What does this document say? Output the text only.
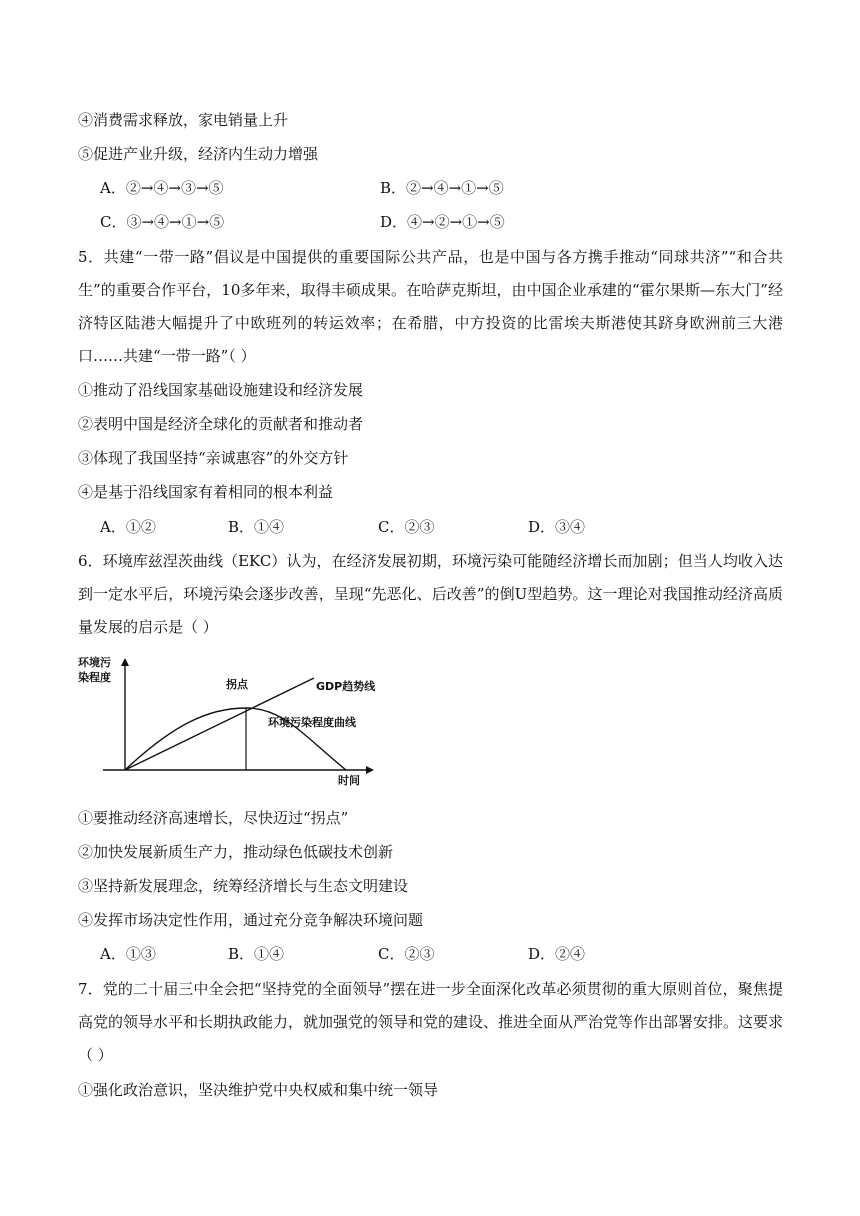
④消费需求释放，家电销量上升
⑤促进产业升级，经济内生动力增强
A．②→④→③→⑤	B．②→④→①→⑤
C．③→④→①→⑤	D．④→②→①→⑤
5．共建“一带一路”倡议是中国提供的重要国际公共产品，也是中国与各方携手推动“同球共济”“和合共生”的重要合作平台，10多年来，取得丰硕成果。在哈萨克斯坦，由中国企业承建的“霍尔果斯—东大门”经济特区陆港大幅提升了中欧班列的转运效率；在希腊，中方投资的比雷埃夫斯港使其跻身欧洲前三大港口……共建“一带一路”（ ）
①推动了沿线国家基础设施建设和经济发展
②表明中国是经济全球化的贡献者和推动者
③体现了我国坚持“亲诚惠容”的外交方针
④是基于沿线国家有着相同的根本利益
A．①②	B．①④	C．②③	D．③④
6．环境库兹涅茨曲线（EKC）认为，在经济发展初期，环境污染可能随经济增长而加剧；但当人均收入达到一定水平后，环境污染会逐步改善，呈现“先恶化、后改善”的倒U型趋势。这一理论对我国推动经济高质量发展的启示是（ ）
环境污
染程度
拐点	GDP趋势线
环境污染程度曲线
时间
①要推动经济高速增长，尽快迈过“拐点”
②加快发展新质生产力，推动绿色低碳技术创新
③坚持新发展理念，统筹经济增长与生态文明建设
④发挥市场决定性作用，通过充分竞争解决环境问题
A．①③	B．①④	C．②③	D．②④
7．党的二十届三中全会把“坚持党的全面领导”摆在进一步全面深化改革必须贯彻的重大原则首位，聚焦提高党的领导水平和长期执政能力，就加强党的领导和党的建设、推进全面从严治党等作出部署安排。这要求（ ）
①强化政治意识，坚决维护党中央权威和集中统一领导
